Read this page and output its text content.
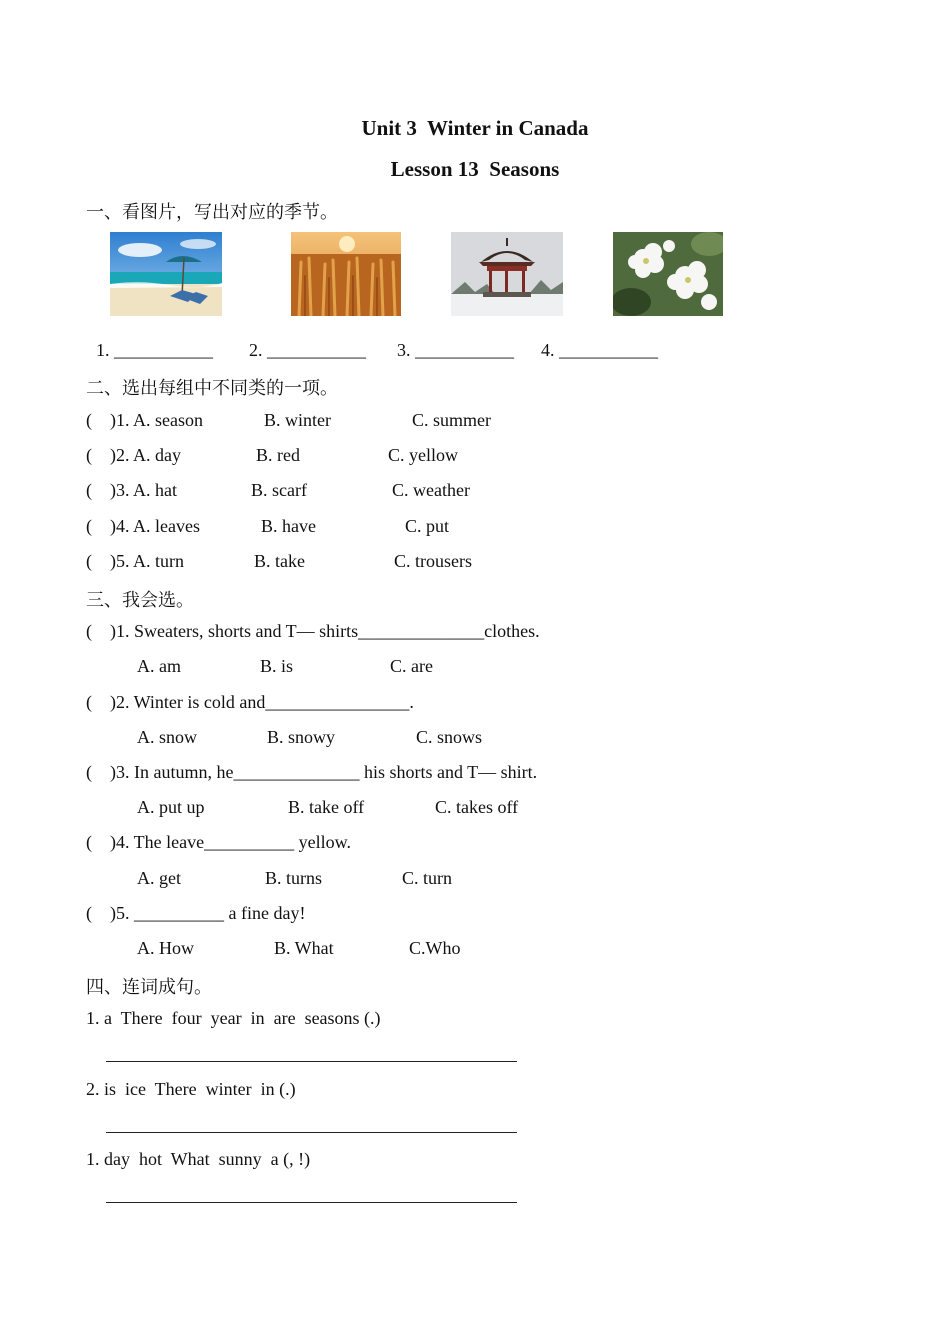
Unit 3  Winter in Canada
Lesson 13  Seasons
一、看图片，写出对应的季节。
1. ___________ 2. ___________ 3. ___________ 4. ___________
二、选出每组中不同类的一项。
(    )1. A. season	B. winter	C. summer
(    )2. A. day	B. red	C. yellow
(    )3. A. hat	B. scarf	C. weather
(    )4. A. leaves	B. have	C. put
(    )5. A. turn	B. take	C. trousers
三、我会选。
(    )1. Sweaters, shorts and T— shirts______________clothes.
A. am	B. is	C. are
(    )2. Winter is cold and________________.
A. snow	B. snowy	C. snows
(    )3. In autumn, he______________ his shorts and T— shirt.
A. put up	B. take off	C. takes off
(    )4. The leave__________ yellow.
A. get	B. turns	C. turn
(    )5. __________ a fine day!
A. How	B. What	C.Who
四、连词成句。
1. a  There  four  year  in  are  seasons (.)
2. is  ice  There  winter  in (.)
1. day  hot  What  sunny  a (, !)
